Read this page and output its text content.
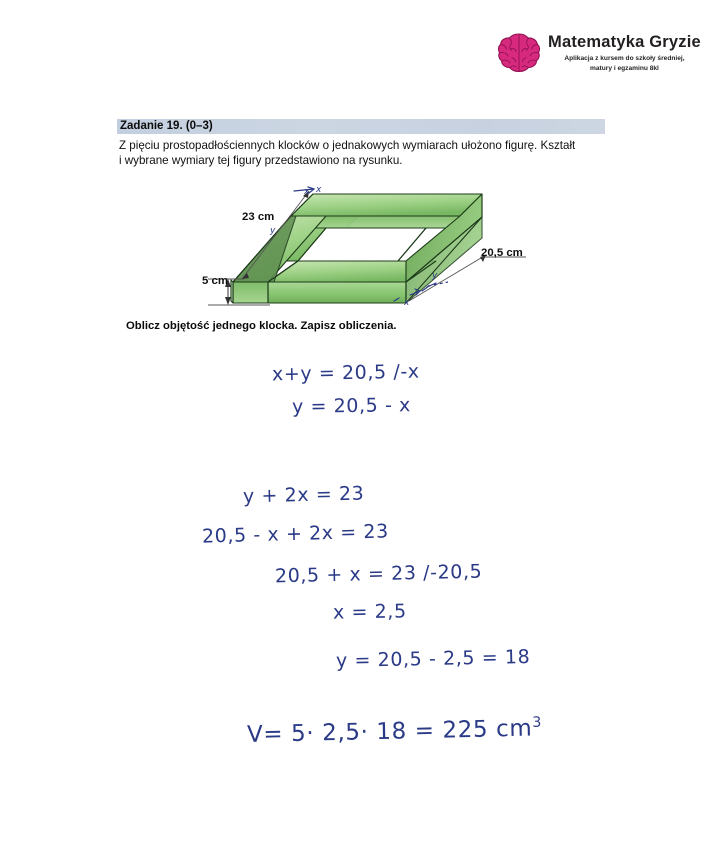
Matematyka Gryzie
Aplikacja z kursem do szkoły średniej,
matury i egzaminu 8kl
Zadanie 19. (0–3)
Z pięciu prostopadłościennych klocków o jednakowych wymiarach ułożono figurę. Kształt
i wybrane wymiary tej figury przedstawiono na rysunku.
x x
y
y
x
23 cm
5 cm
20,5 cm
Oblicz objętość jednego klocka. Zapisz obliczenia.
x+y = 20,5 /-x
y = 20,5 - x
y + 2x = 23
20,5 - x + 2x = 23
20,5 + x = 23 /-20,5
x = 2,5
y = 20,5 - 2,5 = 18
V= 5· 2,5· 18 = 225 $cm^3$
